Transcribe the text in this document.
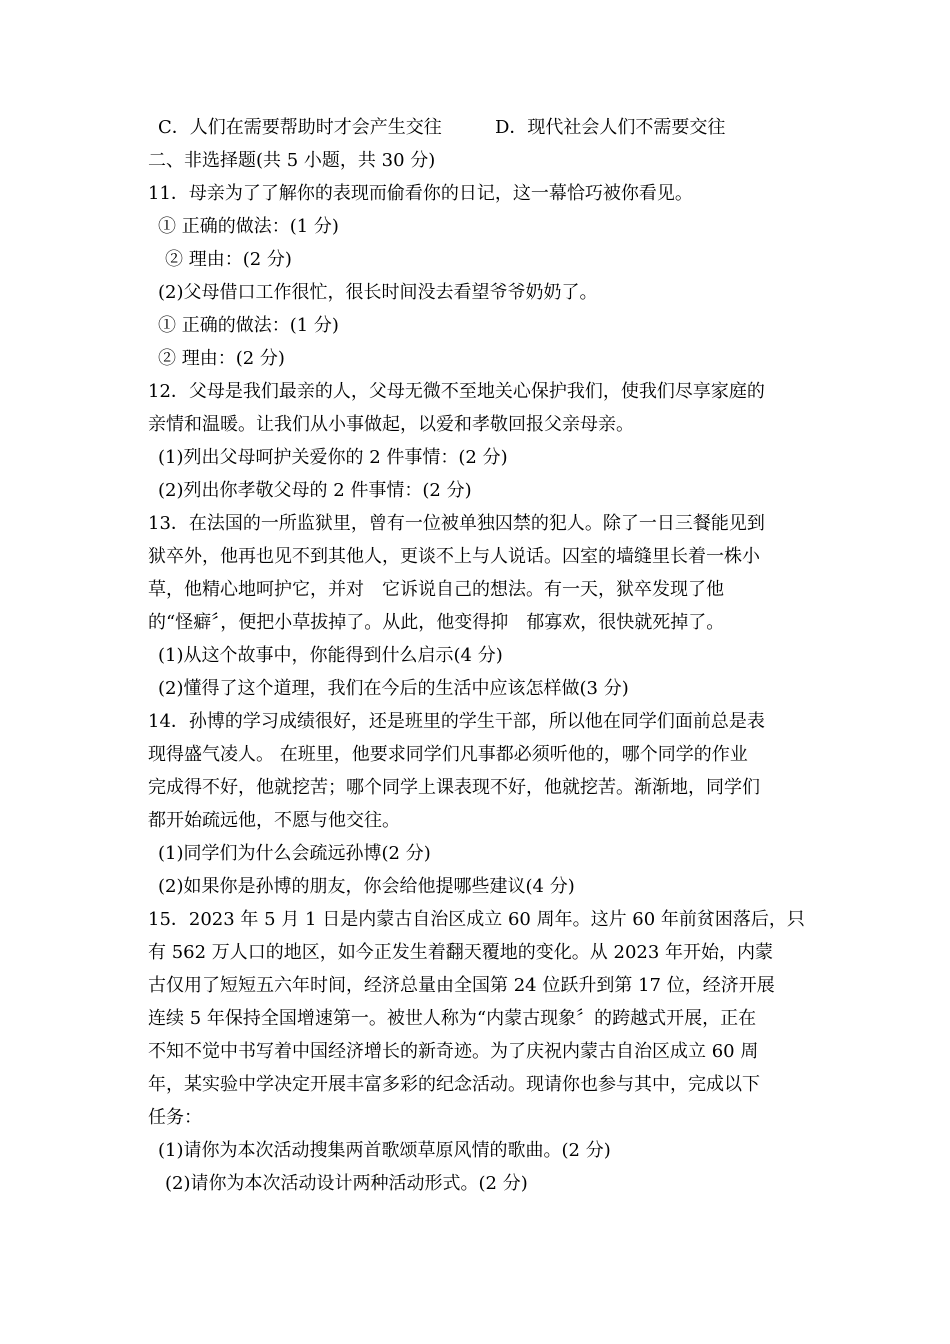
C．人们在需要帮助时才会产生交往	D．现代社会人们不需要交往
二、非选择题(共 5 小题，共 30 分)
11．母亲为了了解你的表现而偷看你的日记，这一幕恰巧被你看见。
① 正确的做法：(1 分)
② 理由：(2 分)
(2)父母借口工作很忙，很长时间没去看望爷爷奶奶了。
① 正确的做法：(1 分)
② 理由：(2 分)
12．父母是我们最亲的人，父母无微不至地关心保护我们，使我们尽享家庭的
亲情和温暖。让我们从小事做起，以爱和孝敬回报父亲母亲。
(1)列出父母呵护关爱你的 2 件事情：(2 分)
(2)列出你孝敬父母的 2 件事情：(2 分)
13．在法国的一所监狱里，曾有一位被单独囚禁的犯人。除了一日三餐能见到
狱卒外，他再也见不到其他人，更谈不上与人说话。囚室的墙缝里长着一株小
草，他精心地呵护它，并对　它诉说自己的想法。有一天，狱卒发现了他
的“怪癖〞，便把小草拔掉了。从此，他变得抑　郁寡欢，很快就死掉了。
(1)从这个故事中，你能得到什么启示(4 分)
(2)懂得了这个道理，我们在今后的生活中应该怎样做(3 分)
14．孙博的学习成绩很好，还是班里的学生干部，所以他在同学们面前总是表
现得盛气凌人。 在班里，他要求同学们凡事都必须听他的，哪个同学的作业
完成得不好，他就挖苦；哪个同学上课表现不好，他就挖苦。渐渐地，同学们
都开始疏远他，不愿与他交往。
(1)同学们为什么会疏远孙博(2 分)
(2)如果你是孙博的朋友，你会给他提哪些建议(4 分)
15．2023 年 5 月 1 日是内蒙古自治区成立 60 周年。这片 60 年前贫困落后，只
有 562 万人口的地区，如今正发生着翻天覆地的变化。从 2023 年开始，内蒙
古仅用了短短五六年时间，经济总量由全国第 24 位跃升到第 17 位，经济开展
连续 5 年保持全国增速第一。被世人称为“内蒙古现象〞的跨越式开展，正在
不知不觉中书写着中国经济增长的新奇迹。为了庆祝内蒙古自治区成立 60 周
年，某实验中学决定开展丰富多彩的纪念活动。现请你也参与其中，完成以下
任务：
(1)请你为本次活动搜集两首歌颂草原风情的歌曲。(2 分)
(2)请你为本次活动设计两种活动形式。(2 分)
